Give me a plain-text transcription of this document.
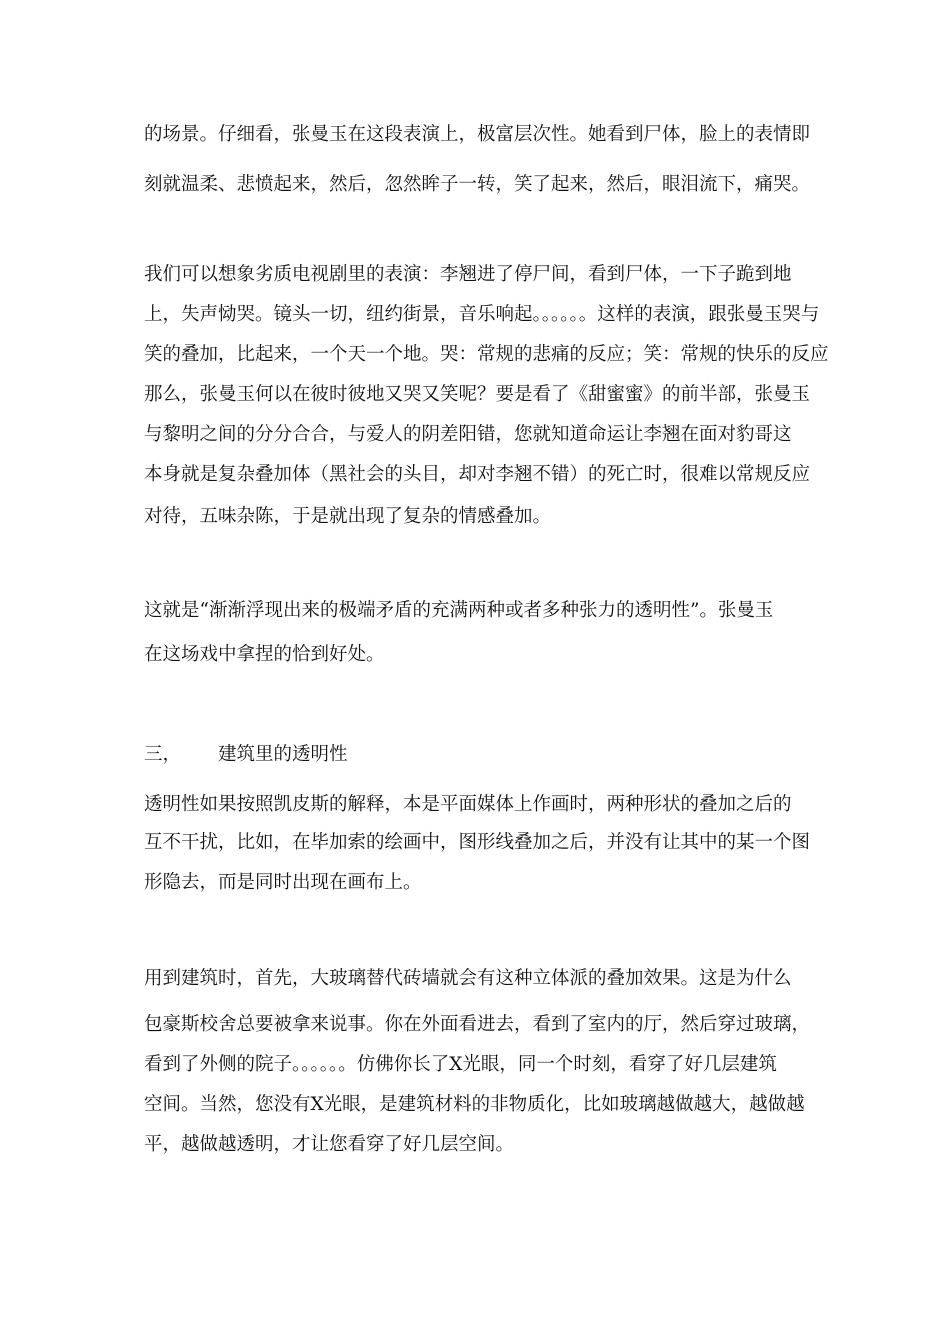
的场景。仔细看，张曼玉在这段表演上，极富层次性。她看到尸体，脸上的表情即
刻就温柔、悲愤起来，然后，忽然眸子一转，笑了起来，然后，眼泪流下，痛哭。
我们可以想象劣质电视剧里的表演：李翘进了停尸间，看到尸体，一下子跪到地
上，失声恸哭。镜头一切，纽约街景，音乐响起。。。。。。这样的表演，跟张曼玉哭与
笑的叠加，比起来，一个天一个地。哭：常规的悲痛的反应；笑：常规的快乐的反应
那么，张曼玉何以在彼时彼地又哭又笑呢？要是看了《甜蜜蜜》的前半部，张曼玉
与黎明之间的分分合合，与爱人的阴差阳错，您就知道命运让李翘在面对豹哥这
本身就是复杂叠加体（黑社会的头目，却对李翘不错）的死亡时，很难以常规反应
对待，五味杂陈，于是就出现了复杂的情感叠加。
这就是“渐渐浮现出来的极端矛盾的充满两种或者多种张力的透明性”。张曼玉
在这场戏中拿捏的恰到好处。
三， 建筑里的透明性
透明性如果按照凯皮斯的解释，本是平面媒体上作画时，两种形状的叠加之后的
互不干扰，比如，在毕加索的绘画中，图形线叠加之后，并没有让其中的某一个图
形隐去，而是同时出现在画布上。
用到建筑时，首先，大玻璃替代砖墙就会有这种立体派的叠加效果。这是为什么
包豪斯校舍总要被拿来说事。你在外面看进去，看到了室内的厅，然后穿过玻璃，
看到了外侧的院子。。。。。。仿佛你长了X光眼，同一个时刻，看穿了好几层建筑
空间。当然，您没有X光眼，是建筑材料的非物质化，比如玻璃越做越大，越做越
平，越做越透明，才让您看穿了好几层空间。
